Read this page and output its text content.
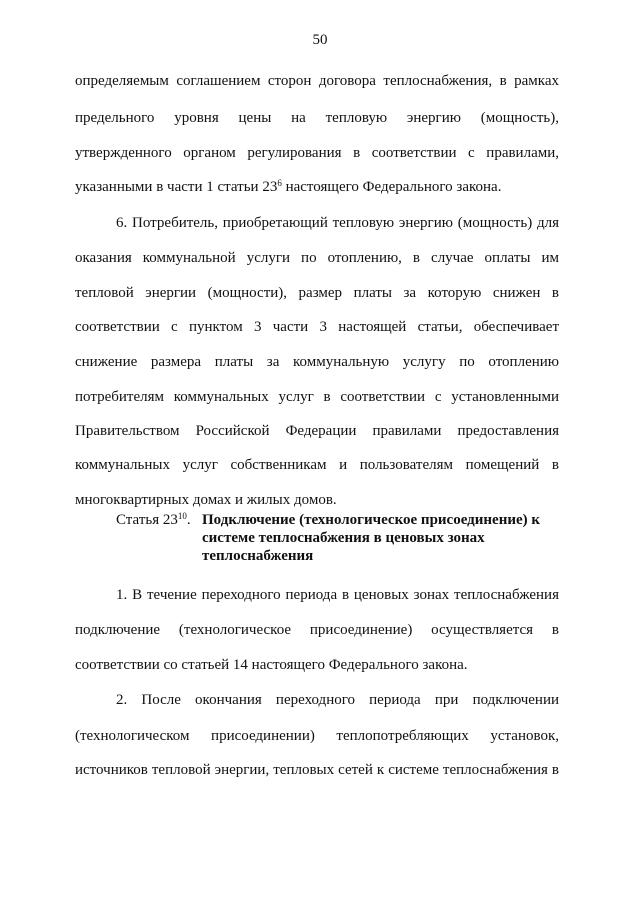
50
определяемым соглашением сторон договора теплоснабжения, в рамках
предельного уровня цены на тепловую энергию (мощность),
утвержденного органом регулирования в соответствии с правилами,
указанными в части 1 статьи $23^6$ настоящего Федерального закона.
6. Потребитель, приобретающий тепловую энергию (мощность) для
оказания коммунальной услуги по отоплению, в случае оплаты им
тепловой энергии (мощности), размер платы за которую снижен в
соответствии с пунктом 3 части 3 настоящей статьи, обеспечивает
снижение размера платы за коммунальную услугу по отоплению
потребителям коммунальных услуг в соответствии с установленными
Правительством Российской Федерации правилами предоставления
коммунальных услуг собственникам и пользователям помещений в
многоквартирных домах и жилых домов.
Статья $23^{10}$. Подключение (технологическое присоединение) к
системе теплоснабжения в ценовых зонах
теплоснабжения
1. В течение переходного периода в ценовых зонах теплоснабжения
подключение (технологическое присоединение) осуществляется в
соответствии со статьей 14 настоящего Федерального закона.
2. После окончания переходного периода при подключении
(технологическом присоединении) теплопотребляющих установок,
источников тепловой энергии, тепловых сетей к системе теплоснабжения в
